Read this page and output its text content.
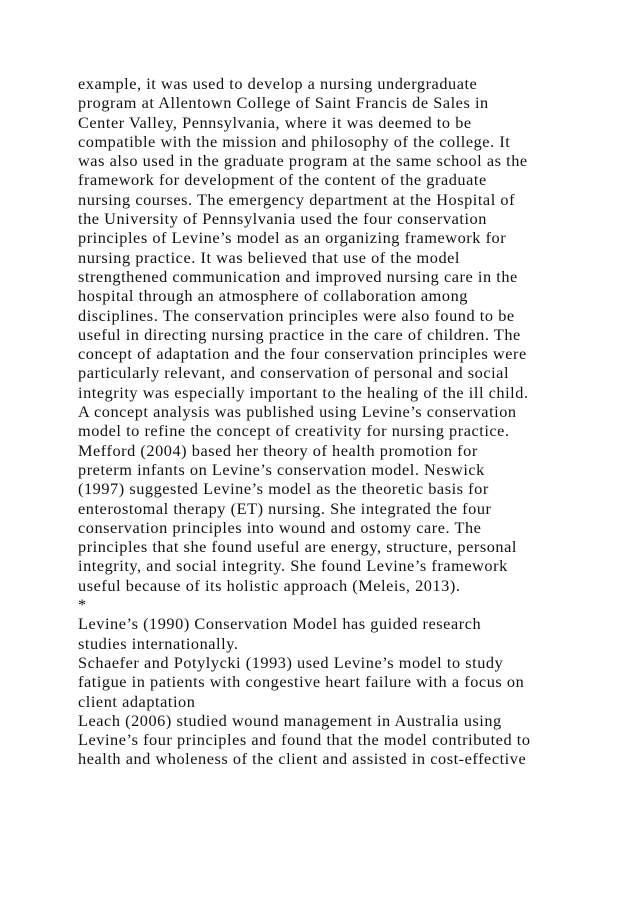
example, it was used to develop a nursing undergraduate
program at Allentown College of Saint Francis de Sales in
Center Valley, Pennsylvania, where it was deemed to be
compatible with the mission and philosophy of the college. It
was also used in the graduate program at the same school as the
framework for development of the content of the graduate
nursing courses. The emergency department at the Hospital of
the University of Pennsylvania used the four conservation
principles of Levine’s model as an organizing framework for
nursing practice. It was believed that use of the model
strengthened communication and improved nursing care in the
hospital through an atmosphere of collaboration among
disciplines. The conservation principles were also found to be
useful in directing nursing practice in the care of children. The
concept of adaptation and the four conservation principles were
particularly relevant, and conservation of personal and social
integrity was especially important to the healing of the ill child.
A concept analysis was published using Levine’s conservation
model to refine the concept of creativity for nursing practice.
Mefford (2004) based her theory of health promotion for
preterm infants on Levine’s conservation model. Neswick
(1997) suggested Levine’s model as the theoretic basis for
enterostomal therapy (ET) nursing. She integrated the four
conservation principles into wound and ostomy care. The
principles that she found useful are energy, structure, personal
integrity, and social integrity. She found Levine’s framework
useful because of its holistic approach (Meleis, 2013).
*
Levine’s (1990) Conservation Model has guided research
studies internationally.
Schaefer and Potylycki (1993) used Levine’s model to study
fatigue in patients with congestive heart failure with a focus on
client adaptation
Leach (2006) studied wound management in Australia using
Levine’s four principles and found that the model contributed to
health and wholeness of the client and assisted in cost-effective
